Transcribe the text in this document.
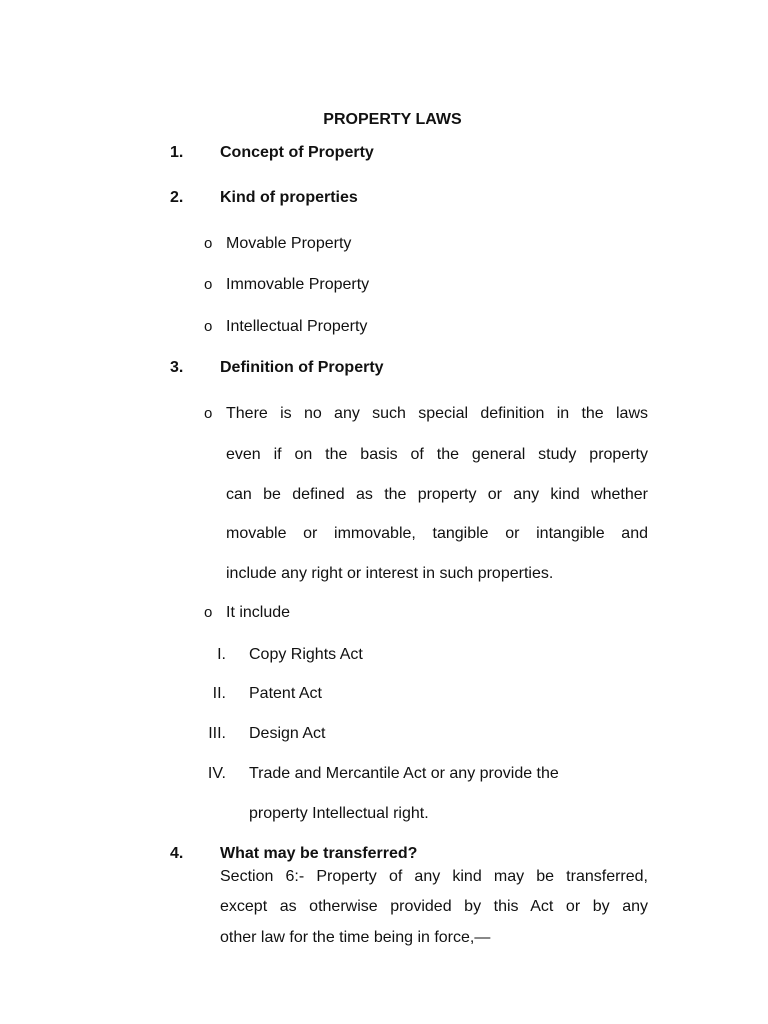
PROPERTY LAWS
1. Concept of Property
2. Kind of properties
o Movable Property
o Immovable Property
o Intellectual Property
3. Definition of Property
o There is no any such special definition in the laws
even if on the basis of the general study property
can be defined as the property or any kind whether
movable or immovable, tangible or intangible and
include any right or interest in such properties.
o It include
I. Copy Rights Act
II. Patent Act
III. Design Act
IV. Trade and Mercantile Act or any provide the
property Intellectual right.
4. What may be transferred?
Section 6:- Property of any kind may be transferred,
except as otherwise provided by this Act or by any
other law for the time being in force,—
